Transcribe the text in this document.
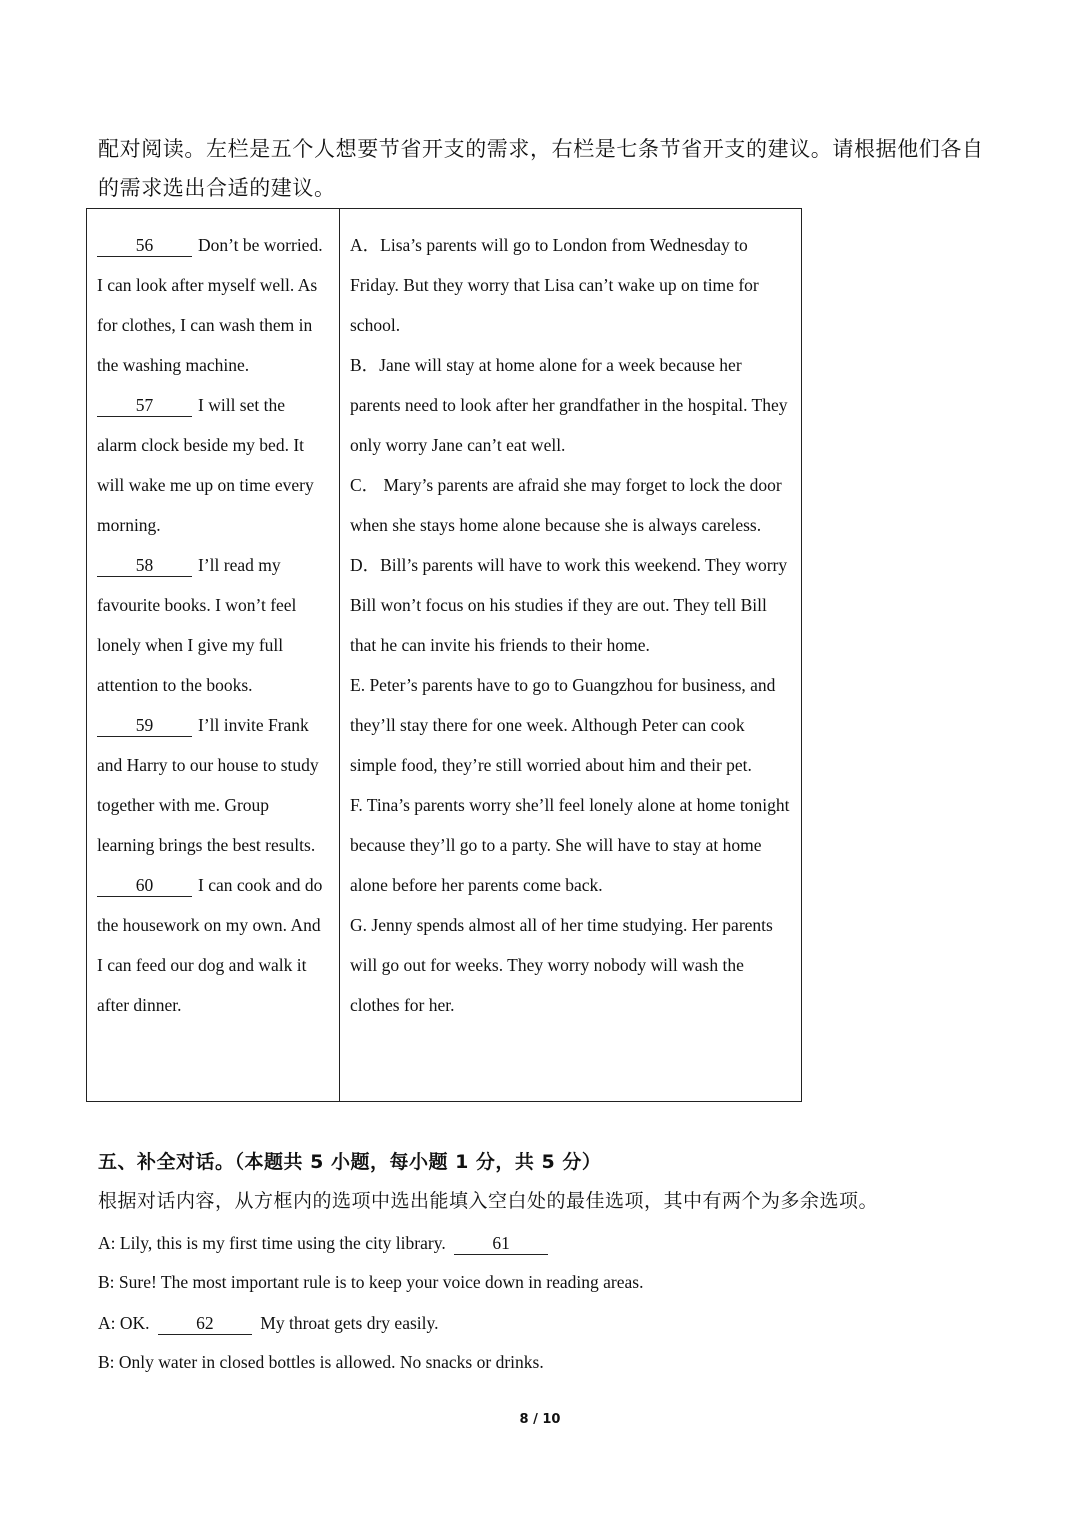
配对阅读。左栏是五个人想要节省开支的需求，右栏是七条节省开支的建议。请根据他们各自的需求选出合适的建议。
56	Don’t be worried. I can look after myself well. As for clothes, I can wash them in the washing machine.
57	I will set the alarm clock beside my bed. It will wake me up on time every morning.
58	I’ll read my favourite books. I won’t feel lonely when I give my full attention to the books.
59	I’ll invite Frank and Harry to our house to study together with me. Group learning brings the best results.
60	I can cook and do the housework on my own. And I can feed our dog and walk it after dinner.

A．Lisa’s parents will go to London from Wednesday to Friday. But they worry that Lisa can’t wake up on time for school.
B．Jane will stay at home alone for a week because her parents need to look after her grandfather in the hospital. They only worry Jane can’t eat well.
C． Mary’s parents are afraid she may forget to lock the door when she stays home alone because she is always careless.
D．Bill’s parents will have to work this weekend. They worry Bill won’t focus on his studies if they are out. They tell Bill that he can invite his friends to their home.
E. Peter’s parents have to go to Guangzhou for business, and they’ll stay there for one week. Although Peter can cook simple food, they’re still worried about him and their pet.
F. Tina’s parents worry she’ll feel lonely alone at home tonight because they’ll go to a party. She will have to stay at home alone before her parents come back.
G. Jenny spends almost all of her time studying. Her parents will go out for weeks. They worry nobody will wash the clothes for her.
五、补全对话。（本题共 5 小题，每小题 1 分，共 5 分）
根据对话内容，从方框内的选项中选出能填入空白处的最佳选项，其中有两个为多余选项。
A: Lily, this is my first time using the city library.	61
B: Sure! The most important rule is to keep your voice down in reading areas.
A: OK.	62	My throat gets dry easily.
B: Only water in closed bottles is allowed. No snacks or drinks.
8 / 10
